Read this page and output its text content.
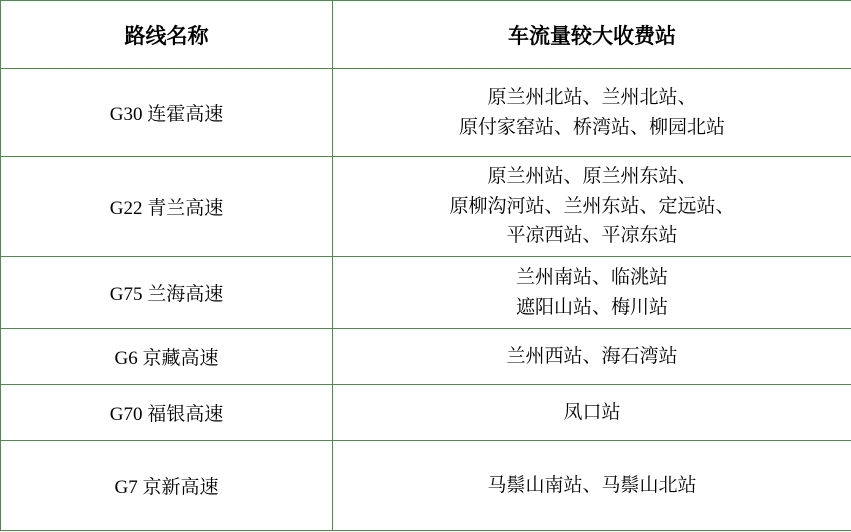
路线名称	车流量较大收费站
G30 连霍高速	原兰州北站、兰州北站、
原付家窑站、桥湾站、柳园北站

G22 青兰高速	原兰州站、原兰州东站、
原柳沟河站、兰州东站、定远站、
平凉西站、平凉东站

G75 兰海高速	兰州南站、临洮站
遮阳山站、梅川站

G6 京藏高速	兰州西站、海石湾站

G70 福银高速	凤口站

G7 京新高速	马鬃山南站、马鬃山北站
